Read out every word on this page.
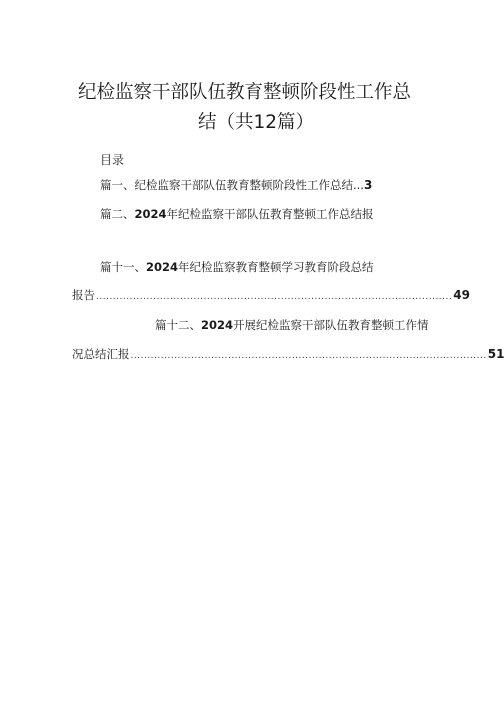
纪检监察干部队伍教育整顿阶段性工作总
结（共12篇）
目录
篇一、纪检监察干部队伍教育整顿阶段性工作总结... 3
篇二、 2024 年纪检监察干部队伍教育整顿工作总结报
篇十一、 2024 年纪检监察教育整顿学习教育阶段总结
报告 .......................................................................................................... 49
篇十二、 2024 开展纪检监察干部队伍教育整顿工作情
况总结汇报 .......................................................................................................... 51
